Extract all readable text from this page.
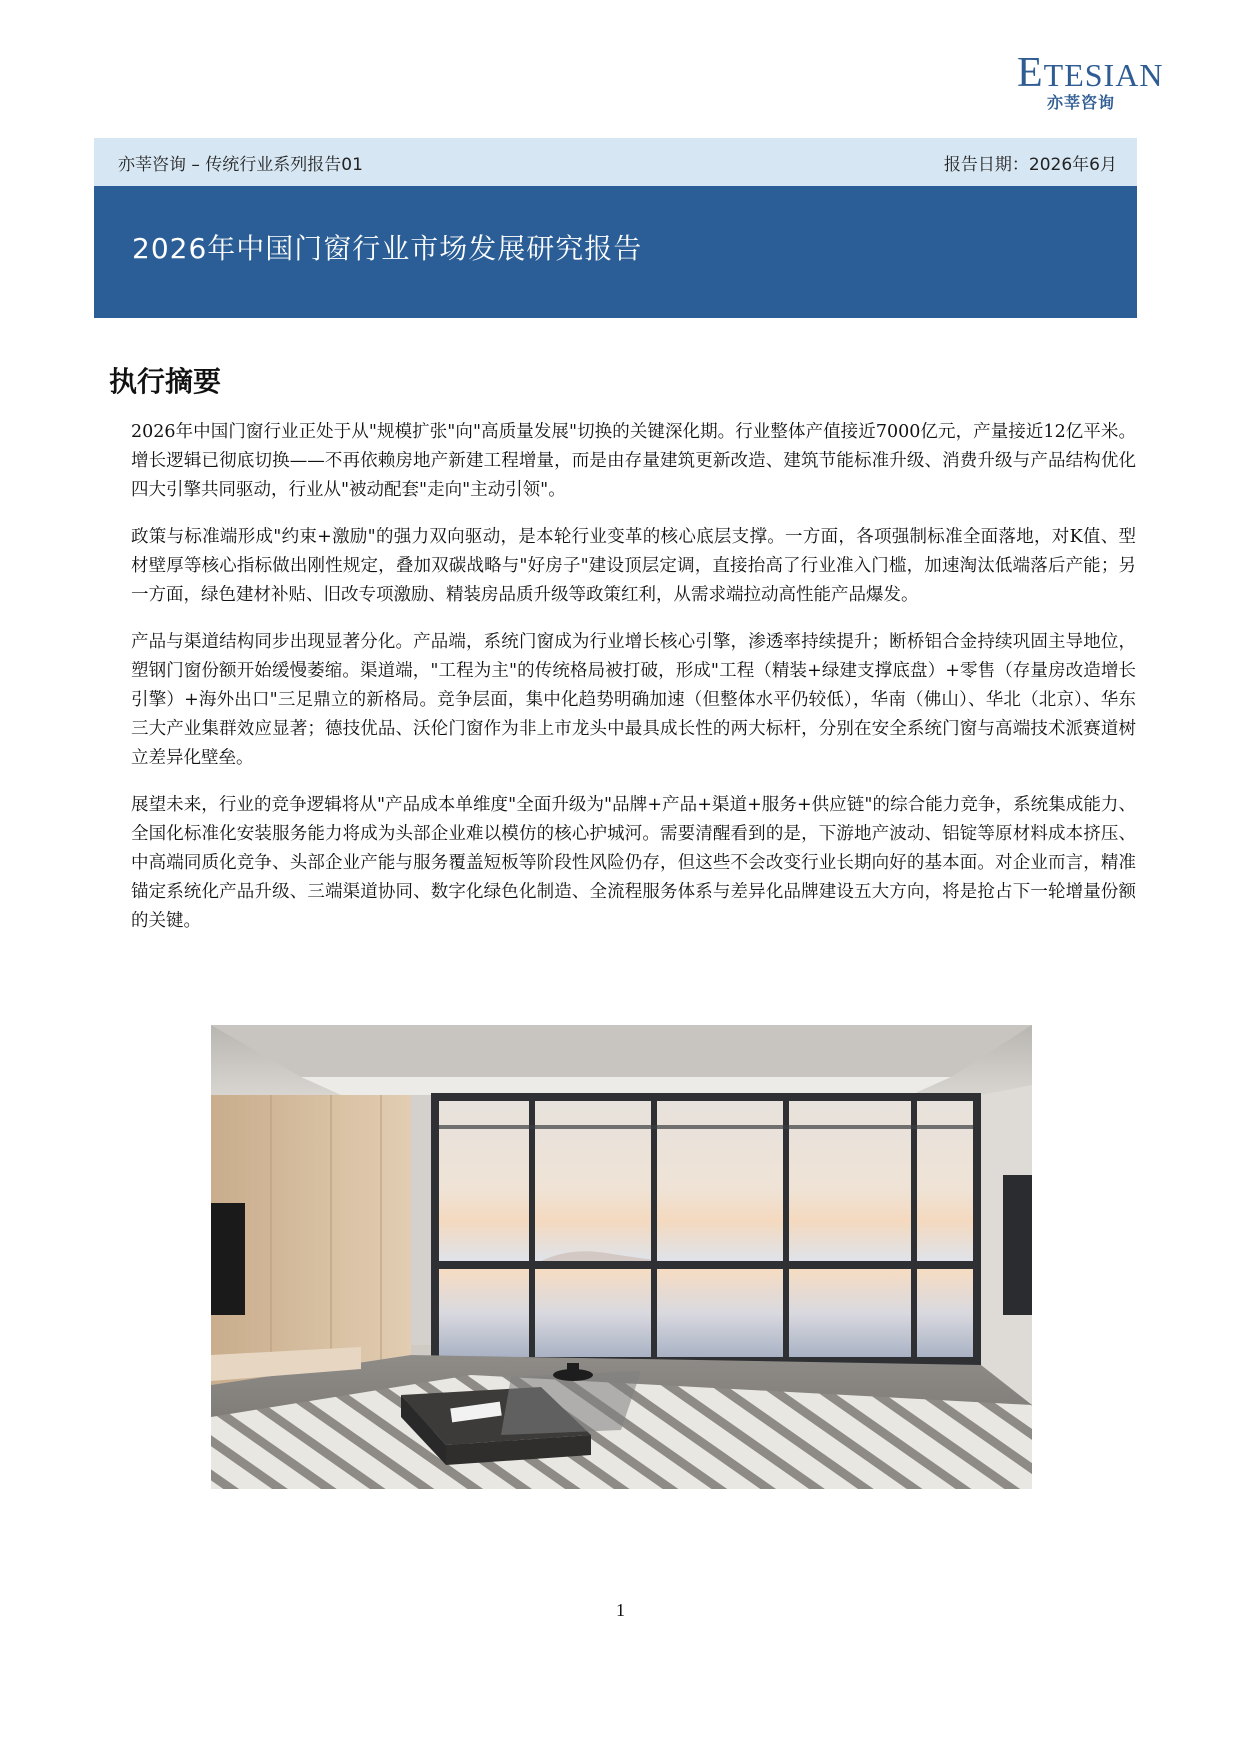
ETESIAN
亦莘咨询
亦莘咨询 – 传统行业系列报告01	报告日期：2026年6月
2026年中国门窗行业市场发展研究报告
执行摘要

2026年中国门窗行业正处于从"规模扩张"向"高质量发展"切换的关键深化期。行业整体产值接近7000亿元，产量接近12亿平米。增长逻辑已彻底切换——不再依赖房地产新建工程增量，而是由存量建筑更新改造、建筑节能标准升级、消费升级与产品结构优化四大引擎共同驱动，行业从"被动配套"走向"主动引领"。

政策与标准端形成"约束+激励"的强力双向驱动，是本轮行业变革的核心底层支撑。一方面，各项强制标准全面落地，对K值、型材壁厚等核心指标做出刚性规定，叠加双碳战略与"好房子"建设顶层定调，直接抬高了行业准入门槛，加速淘汰低端落后产能；另一方面，绿色建材补贴、旧改专项激励、精装房品质升级等政策红利，从需求端拉动高性能产品爆发。

产品与渠道结构同步出现显著分化。产品端，系统门窗成为行业增长核心引擎，渗透率持续提升；断桥铝合金持续巩固主导地位，塑钢门窗份额开始缓慢萎缩。渠道端，"工程为主"的传统格局被打破，形成"工程（精装+绿建支撑底盘）+零售（存量房改造增长引擎）+海外出口"三足鼎立的新格局。竞争层面，集中化趋势明确加速（但整体水平仍较低），华南（佛山）、华北（北京）、华东三大产业集群效应显著；德技优品、沃伦门窗作为非上市龙头中最具成长性的两大标杆，分别在安全系统门窗与高端技术派赛道树立差异化壁垒。

展望未来，行业的竞争逻辑将从"产品成本单维度"全面升级为"品牌+产品+渠道+服务+供应链"的综合能力竞争，系统集成能力、全国化标准化安装服务能力将成为头部企业难以模仿的核心护城河。需要清醒看到的是，下游地产波动、铝锭等原材料成本挤压、中高端同质化竞争、头部企业产能与服务覆盖短板等阶段性风险仍存，但这些不会改变行业长期向好的基本面。对企业而言，精准锚定系统化产品升级、三端渠道协同、数字化绿色化制造、全流程服务体系与差异化品牌建设五大方向，将是抢占下一轮增量份额的关键。

1
